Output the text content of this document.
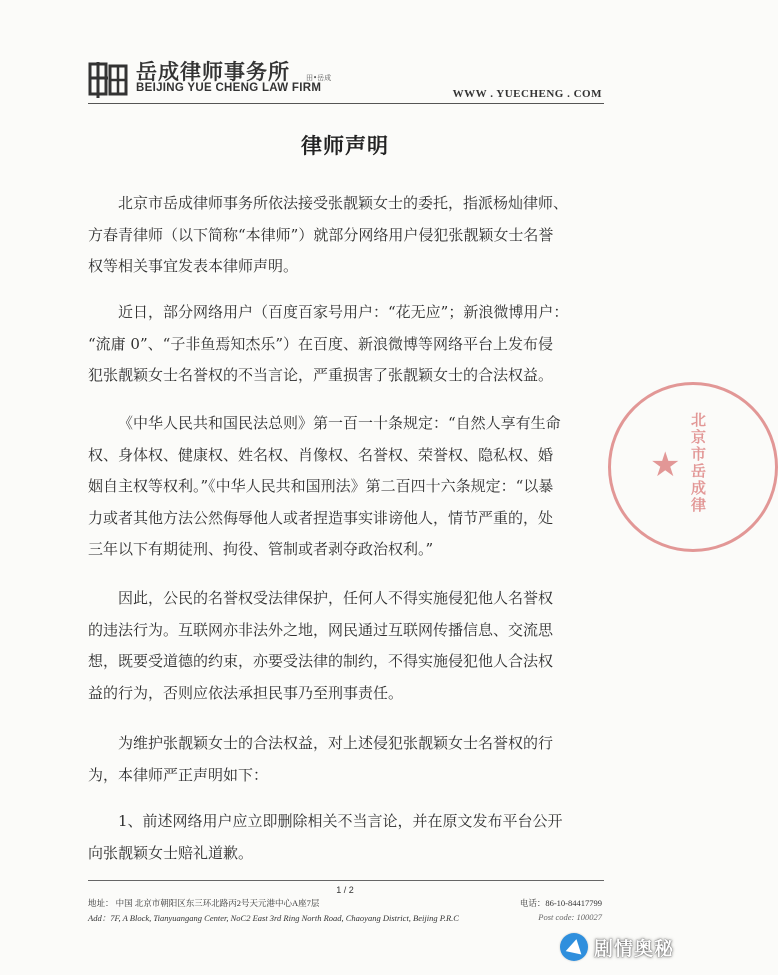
岳成律师事务所 田•岳成
BEIJING YUE CHENG LAW FIRM	WWW . YUECHENG . COM
律师声明
北京市岳成律师事务所依法接受张靓颖女士的委托，指派杨灿律师、
方春青律师（以下简称“本律师”）就部分网络用户侵犯张靓颖女士名誉
权等相关事宜发表本律师声明。
近日，部分网络用户（百度百家号用户：“花无应”；新浪微博用户：
“流庸 0”、“子非鱼焉知杰乐”）在百度、新浪微博等网络平台上发布侵
犯张靓颖女士名誉权的不当言论，严重损害了张靓颖女士的合法权益。
《中华人民共和国民法总则》第一百一十条规定：“自然人享有生命
权、身体权、健康权、姓名权、肖像权、名誉权、荣誉权、隐私权、婚
姻自主权等权利。”《中华人民共和国刑法》第二百四十六条规定：“以暴
力或者其他方法公然侮辱他人或者捏造事实诽谤他人，情节严重的，处
三年以下有期徒刑、拘役、管制或者剥夺政治权利。”
因此，公民的名誉权受法律保护，任何人不得实施侵犯他人名誉权
的违法行为。互联网亦非法外之地，网民通过互联网传播信息、交流思
想，既要受道德的约束，亦要受法律的制约，不得实施侵犯他人合法权
益的行为，否则应依法承担民事乃至刑事责任。
为维护张靓颖女士的合法权益，对上述侵犯张靓颖女士名誉权的行
为，本律师严正声明如下：
1、前述网络用户应立即删除相关不当言论，并在原文发布平台公开
向张靓颖女士赔礼道歉。
北京市岳成律
★
1 / 2
地址： 中国 北京市朝阳区东三环北路丙2号天元港中心A座7层	电话：86-10-84417799
Add：7F, A Block, Tianyuangang Center, NoC2 East 3rd Ring North Road, Chaoyang District, Beijing P.R.C	Post code: 100027
剧情奥秘
